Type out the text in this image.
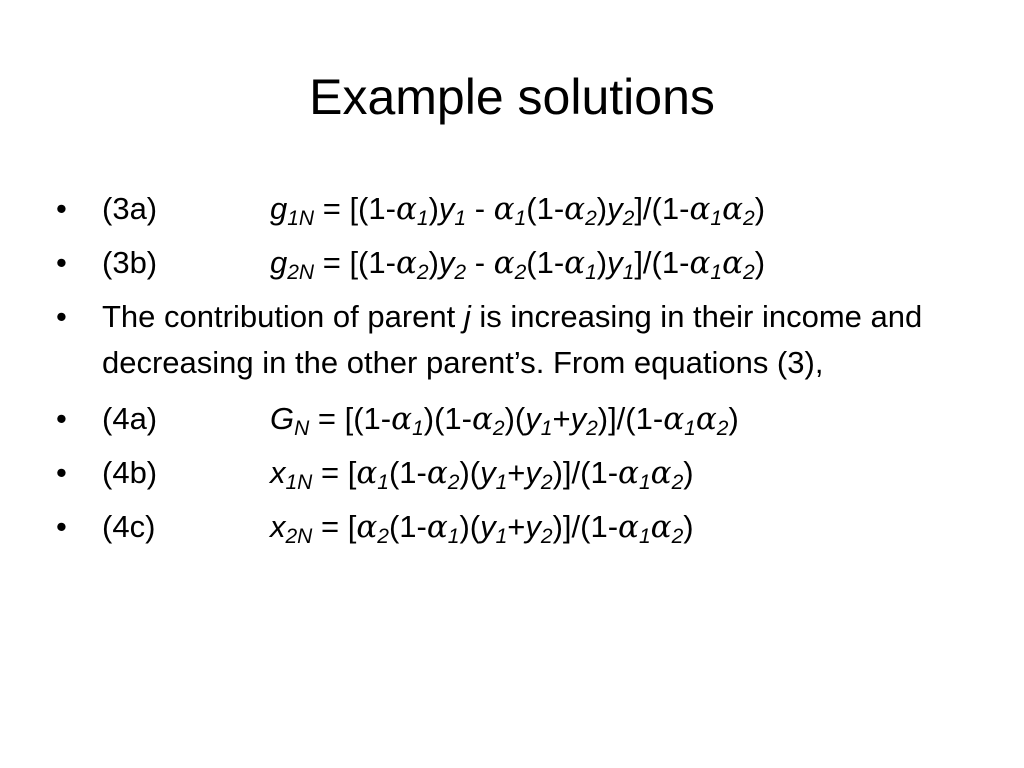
Example solutions
• (3a)	$g_{1N} = [(1-\alpha_1)y_1 - \alpha_1(1-\alpha_2)y_2]/(1-\alpha_1\alpha_2)$
• (3b)	$g_{2N} = [(1-\alpha_2)y_2 - \alpha_2(1-\alpha_1)y_1]/(1-\alpha_1\alpha_2)$
• The contribution of parent j is increasing in their income and decreasing in the other parent’s. From equations (3),
• (4a)	$G_N = [(1-\alpha_1)(1-\alpha_2)(y_1+y_2)]/(1-\alpha_1\alpha_2)$
• (4b)	$x_{1N} = [\alpha_1(1-\alpha_2)(y_1+y_2)]/(1-\alpha_1\alpha_2)$
• (4c)	$x_{2N} = [\alpha_2(1-\alpha_1)(y_1+y_2)]/(1-\alpha_1\alpha_2)$
